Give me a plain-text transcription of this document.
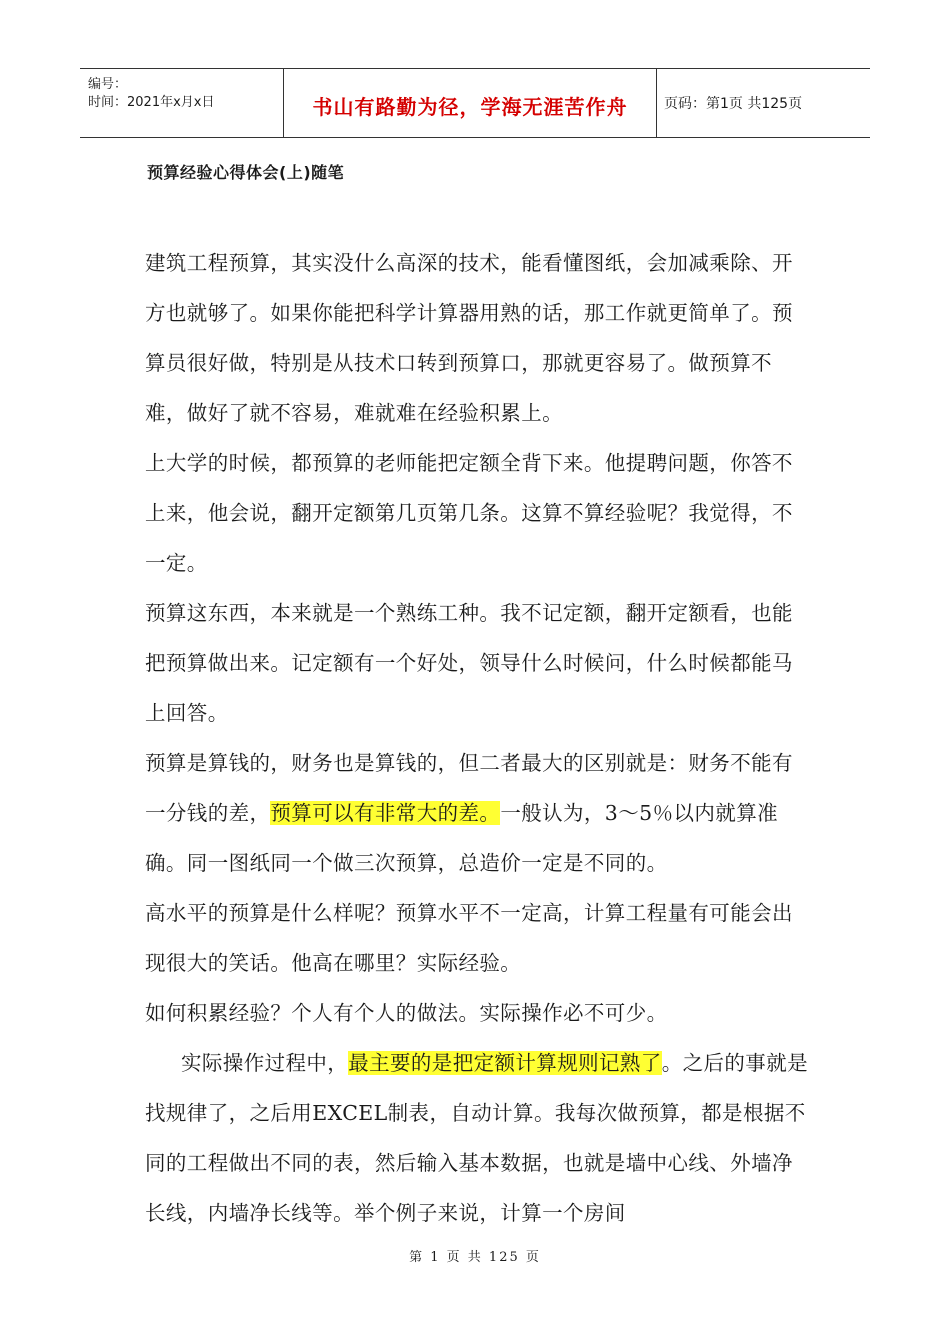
编号：
时间：2021年x月x日	书山有路勤为径，学海无涯苦作舟	页码：第1页 共125页
预算经验心得体会(上)随笔

建筑工程预算，其实没什么高深的技术，能看懂图纸，会加减乘除、开方也就够了。如果你能把科学计算器用熟的话，那工作就更简单了。预算员很好做，特别是从技术口转到预算口，那就更容易了。做预算不难，做好了就不容易，难就难在经验积累上。

上大学的时候，都预算的老师能把定额全背下来。他提聘问题，你答不上来，他会说，翻开定额第几页第几条。这算不算经验呢？我觉得，不一定。

预算这东西，本来就是一个熟练工种。我不记定额，翻开定额看，也能把预算做出来。记定额有一个好处，领导什么时候问，什么时候都能马上回答。

预算是算钱的，财务也是算钱的，但二者最大的区别就是：财务不能有一分钱的差，预算可以有非常大的差。一般认为，3～5％以内就算准确。同一图纸同一个做三次预算，总造价一定是不同的。

高水平的预算是什么样呢？预算水平不一定高，计算工程量有可能会出现很大的笑话。他高在哪里？实际经验。

如何积累经验？个人有个人的做法。实际操作必不可少。

实际操作过程中，最主要的是把定额计算规则记熟了。之后的事就是找规律了，之后用EXCEL制表，自动计算。我每次做预算，都是根据不同的工程做出不同的表，然后输入基本数据，也就是墙中心线、外墙净长线，内墙净长线等。举个例子来说，计算一个房间

第 1 页 共 125 页
